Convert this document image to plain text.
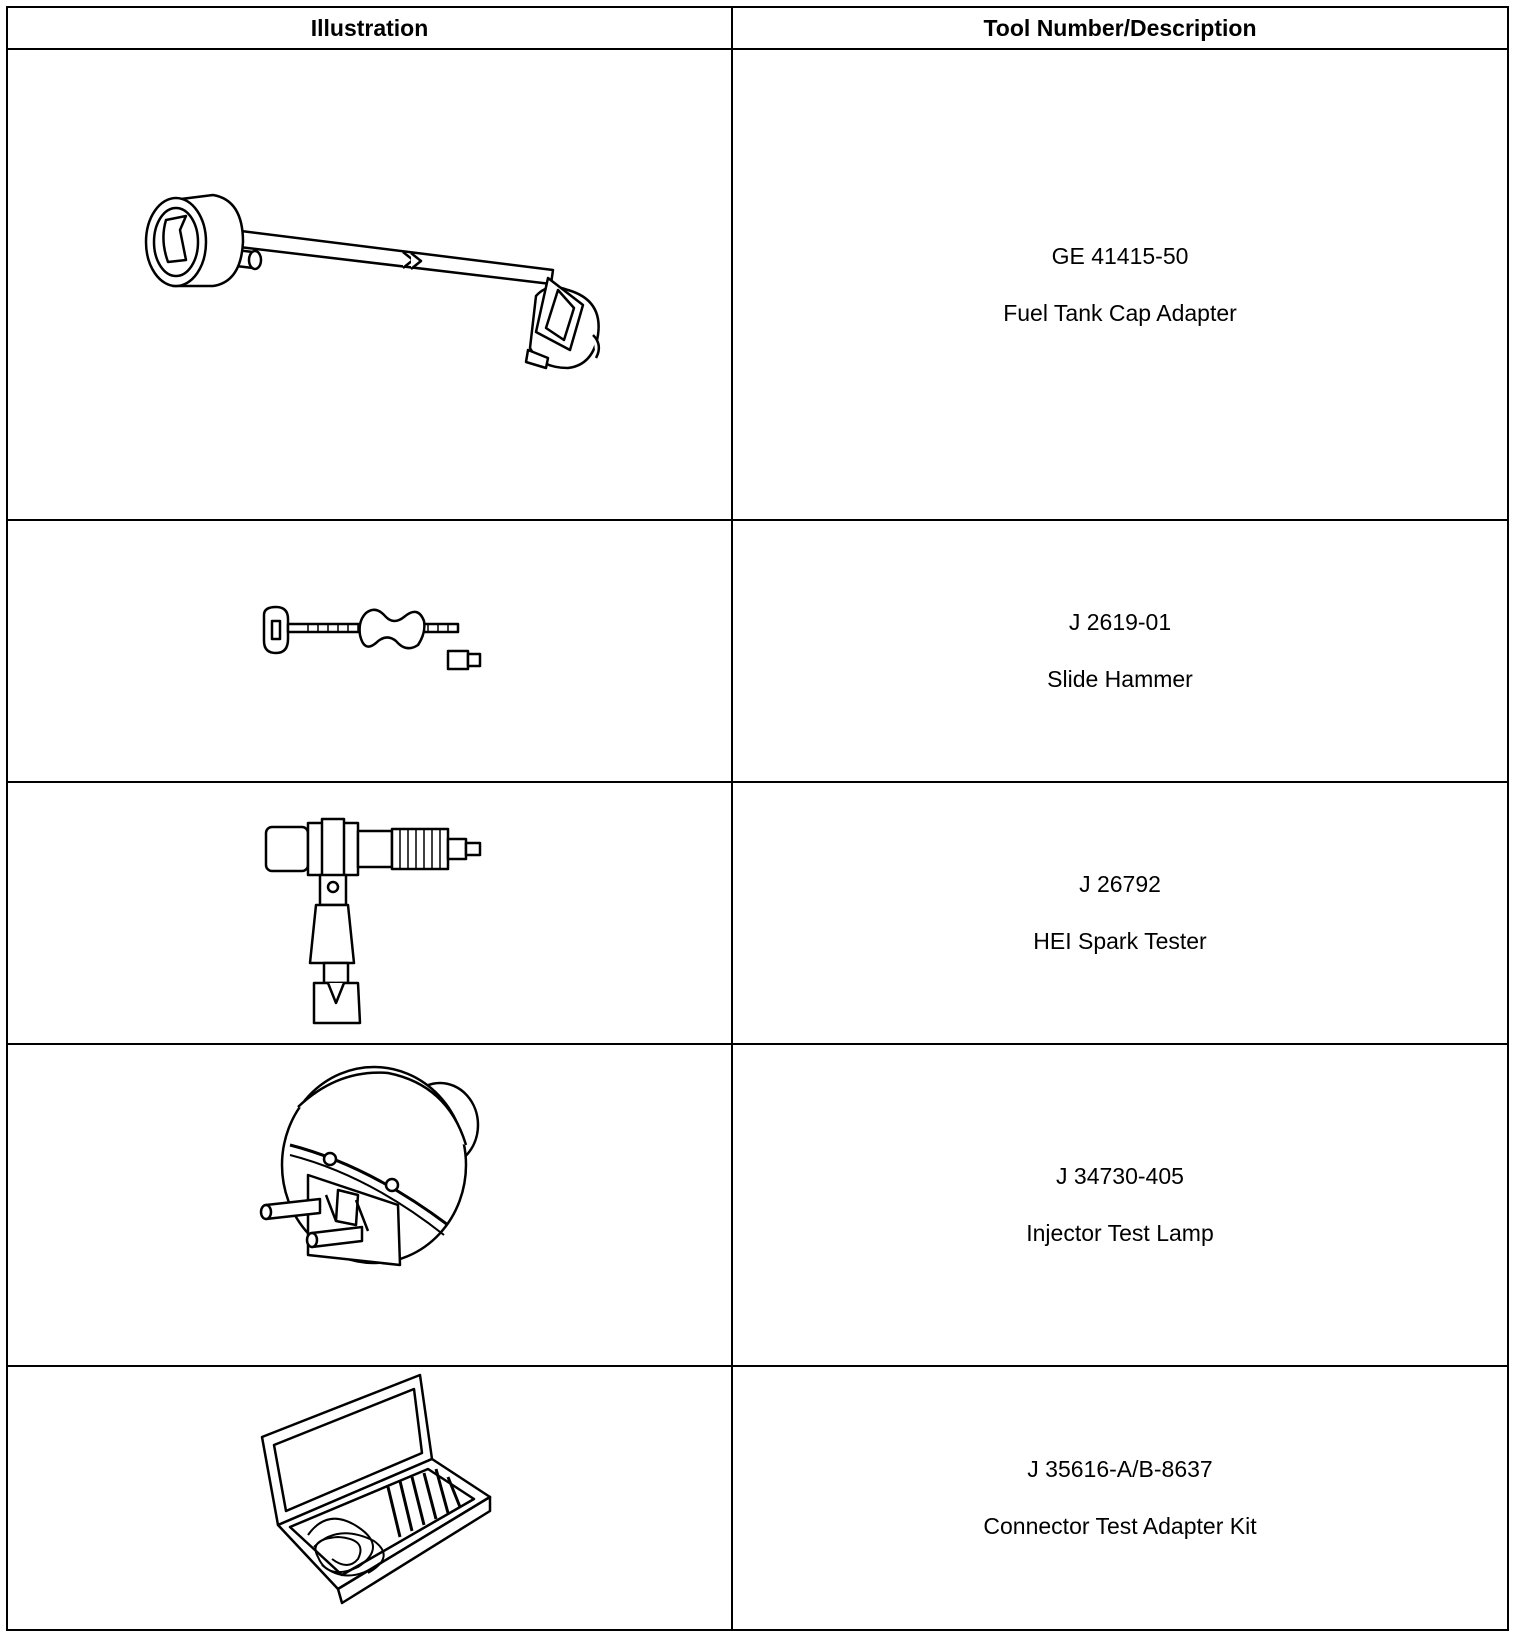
Illustration	Tool Number/Description

GE 41415-50
Fuel Tank Cap Adapter

J 2619-01
Slide Hammer

J 26792
HEI Spark Tester

J 34730-405
Injector Test Lamp

J 35616-A/B-8637
Connector Test Adapter Kit
